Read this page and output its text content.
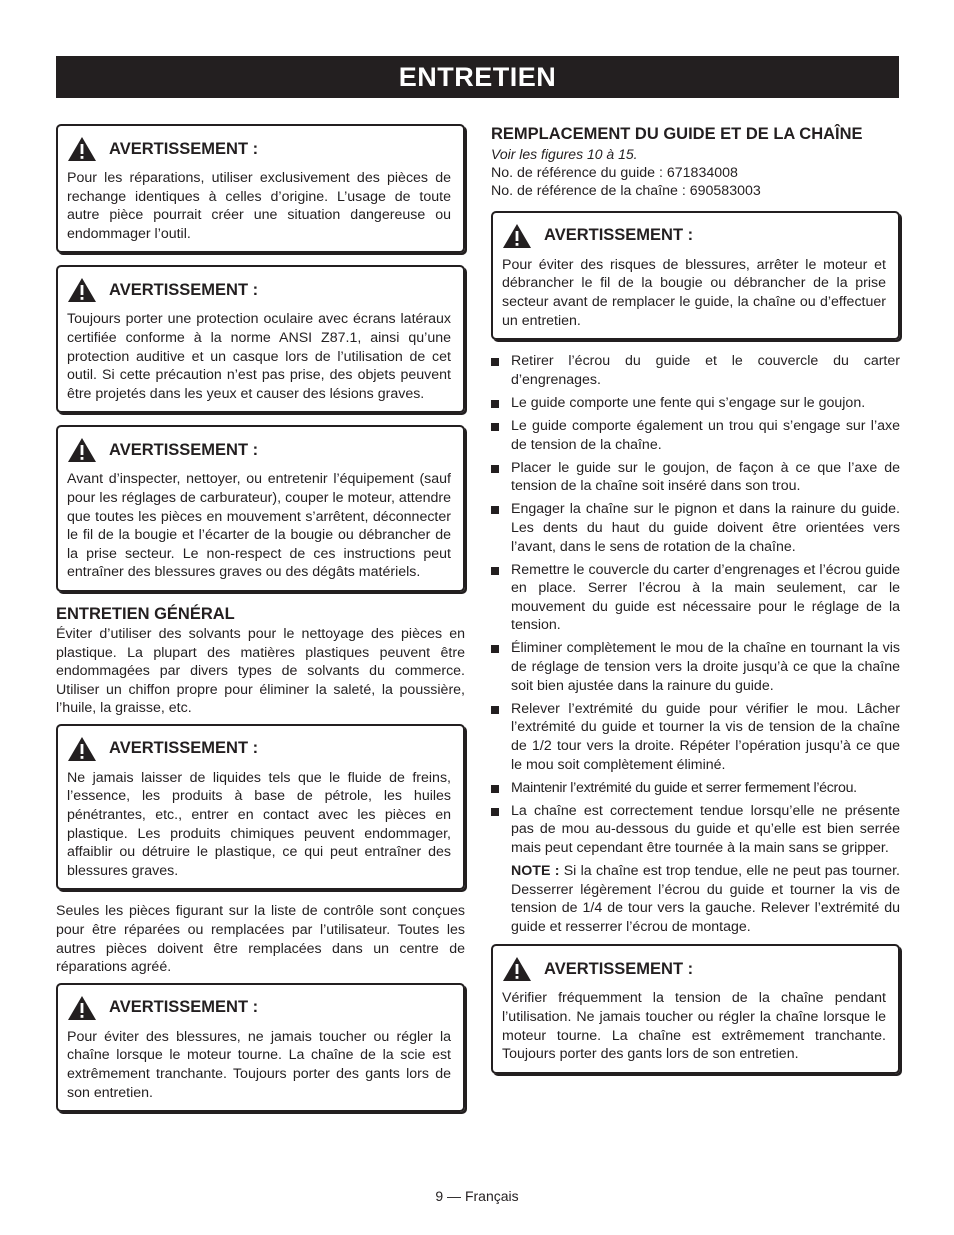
ENTRETIEN
AVERTISSEMENT :

Pour les réparations, utiliser exclusivement des pièces de rechange identiques à celles d’origine. L’usage de toute autre pièce pourrait créer une situation dangereuse ou endommager l’outil.

AVERTISSEMENT :

Toujours porter une protection oculaire avec écrans latéraux certifiée conforme à la norme ANSI Z87.1, ainsi qu’une protection auditive et un casque lors de l’utilisation de cet outil. Si cette précaution n’est pas prise, des objets peuvent être projetés dans les yeux et causer des lésions graves.

AVERTISSEMENT :

Avant d’inspecter, nettoyer, ou entretenir l’équipement (sauf pour les réglages de carburateur), couper le moteur, attendre que toutes les pièces en mouvement s’arrêtent, déconnecter le fil de la bougie et l’écarter de la bougie ou débrancher de la prise secteur. Le non-respect de ces instructions peut entraîner des blessures graves ou des dégâts matériels.

ENTRETIEN GÉNÉRAL

Éviter d’utiliser des solvants pour le nettoyage des pièces en plastique. La plupart des matières plastiques peuvent être endommagées par divers types de solvants du commerce. Utiliser un chiffon propre pour éliminer la saleté, la poussière, l’huile, la graisse, etc.

AVERTISSEMENT :

Ne jamais laisser de liquides tels que le fluide de freins, l’essence, les produits à base de pétrole, les huiles pénétrantes, etc., entrer en contact avec les pièces en plastique. Les produits chimiques peuvent endommager, affaiblir ou détruire le plastique, ce qui peut entraîner des blessures graves.

Seules les pièces figurant sur la liste de contrôle sont conçues pour être réparées ou remplacées par l’utilisateur. Toutes les autres pièces doivent être remplacées dans un centre de réparations agréé.

AVERTISSEMENT :

Pour éviter des blessures, ne jamais toucher ou régler la chaîne lorsque le moteur tourne. La chaîne de la scie est extrêmement tranchante. Toujours porter des gants lors de son entretien.

REMPLACEMENT DU GUIDE ET DE LA CHAÎNE

Voir les figures 10 à 15.

No. de référence du guide : 671834008

No. de référence de la chaîne : 690583003

AVERTISSEMENT :

Pour éviter des risques de blessures, arrêter le moteur et débrancher le fil de la bougie ou débrancher de la prise secteur avant de remplacer le guide, la chaîne ou d’effectuer un entretien.

Retirer l’écrou du guide et le couvercle du carter d’engrenages.
Le guide comporte une fente qui s’engage sur le goujon.
Le guide comporte également un trou qui s’engage sur l’axe de tension de la chaîne.
Placer le guide sur le goujon, de façon à ce que l’axe de tension de la chaîne soit inséré dans son trou.
Engager la chaîne sur le pignon et dans la rainure du guide. Les dents du haut du guide doivent être orientées vers l’avant, dans le sens de rotation de la chaîne.
Remettre le couvercle du carter d’engrenages et l’écrou guide en place. Serrer l’écrou à la main seulement, car le mouvement du guide est nécessaire pour le réglage de la tension.
Éliminer complètement le mou de la chaîne en tournant la vis de réglage de tension vers la droite jusqu’à ce que la chaîne soit bien ajustée dans la rainure du guide.
Relever l’extrémité du guide pour vérifier le mou. Lâcher l’extrémité du guide et tourner la vis de tension de la chaîne de 1/2 tour vers la droite. Répéter l’opération jusqu’à ce que le mou soit complètement éliminé.
Maintenir l’extrémité du guide et serrer fermement l’écrou.
La chaîne est correctement tendue lorsqu’elle ne présente pas de mou au-dessous du guide et qu’elle est bien serrée mais peut cependant être tournée à la main sans se gripper.

NOTE : Si la chaîne est trop tendue, elle ne peut pas tourner. Desserrer légèrement l’écrou du guide et tourner la vis de tension de 1/4 de tour vers la gauche. Relever l’extrémité du guide et resserrer l’écrou de montage.

AVERTISSEMENT :

Vérifier fréquemment la tension de la chaîne pendant l’utilisation. Ne jamais toucher ou régler la chaîne lorsque le moteur tourne. La chaîne est extrêmement tranchante. Toujours porter des gants lors de son entretien.

9 — Français
